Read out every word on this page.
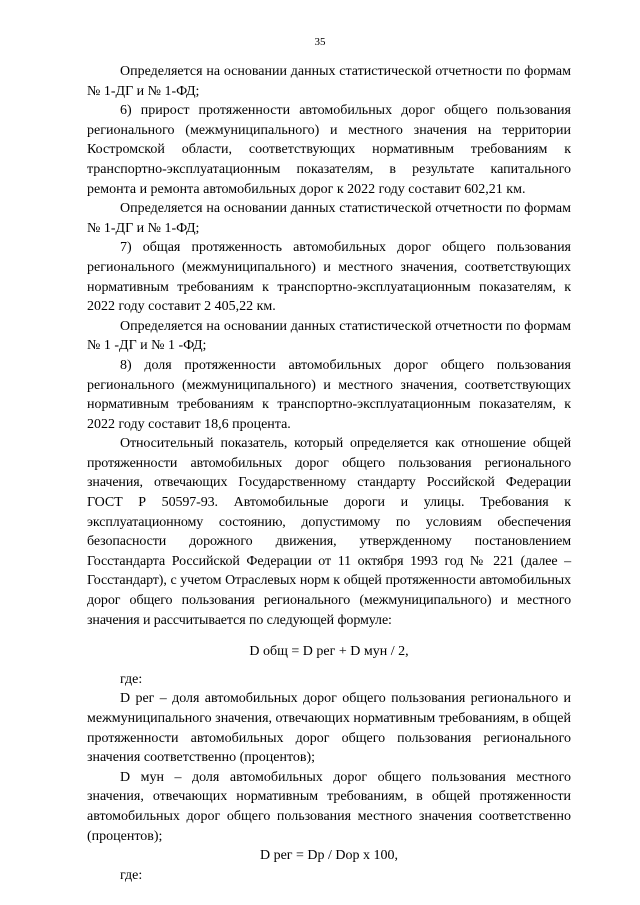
35

Определяется на основании данных статистической отчетности по формам № 1-ДГ и № 1-ФД;

6) прирост протяженности автомобильных дорог общего пользования регионального (межмуниципального) и местного значения на территории Костромской области, соответствующих нормативным требованиям к транспортно-эксплуатационным показателям, в результате капитального ремонта и ремонта автомобильных дорог к 2022 году составит 602,21 км.

Определяется на основании данных статистической отчетности по формам № 1-ДГ и № 1-ФД;

7) общая протяженность автомобильных дорог общего пользования регионального (межмуниципального) и местного значения, соответствующих нормативным требованиям к транспортно-эксплуатационным показателям, к 2022 году составит 2 405,22 км.

Определяется на основании данных статистической отчетности по формам № 1 -ДГ и № 1 -ФД;

8) доля протяженности автомобильных дорог общего пользования регионального (межмуниципального) и местного значения, соответствующих нормативным требованиям к транспортно-эксплуатационным показателям, к 2022 году составит 18,6 процента.

Относительный показатель, который определяется как отношение общей протяженности автомобильных дорог общего пользования регионального значения, отвечающих Государственному стандарту Российской Федерации ГОСТ Р 50597-93. Автомобильные дороги и улицы. Требования к эксплуатационному состоянию, допустимому по условиям обеспечения безопасности дорожного движения, утвержденному постановлением Госстандарта Российской Федерации от 11 октября 1993 год № 221 (далее – Госстандарт), с учетом Отраслевых норм к общей протяженности автомобильных дорог общего пользования регионального (межмуниципального) и местного значения и рассчитывается по следующей формуле:

D общ = D рег + D мун / 2,

где:

D рег – доля автомобильных дорог общего пользования регионального и межмуниципального значения, отвечающих нормативным требованиям, в общей протяженности автомобильных дорог общего пользования регионального значения соответственно (процентов);

D мун – доля автомобильных дорог общего пользования местного значения, отвечающих нормативным требованиям, в общей протяженности автомобильных дорог общего пользования местного значения соответственно (процентов);

D рег = Dp / Dop x 100,

где:
